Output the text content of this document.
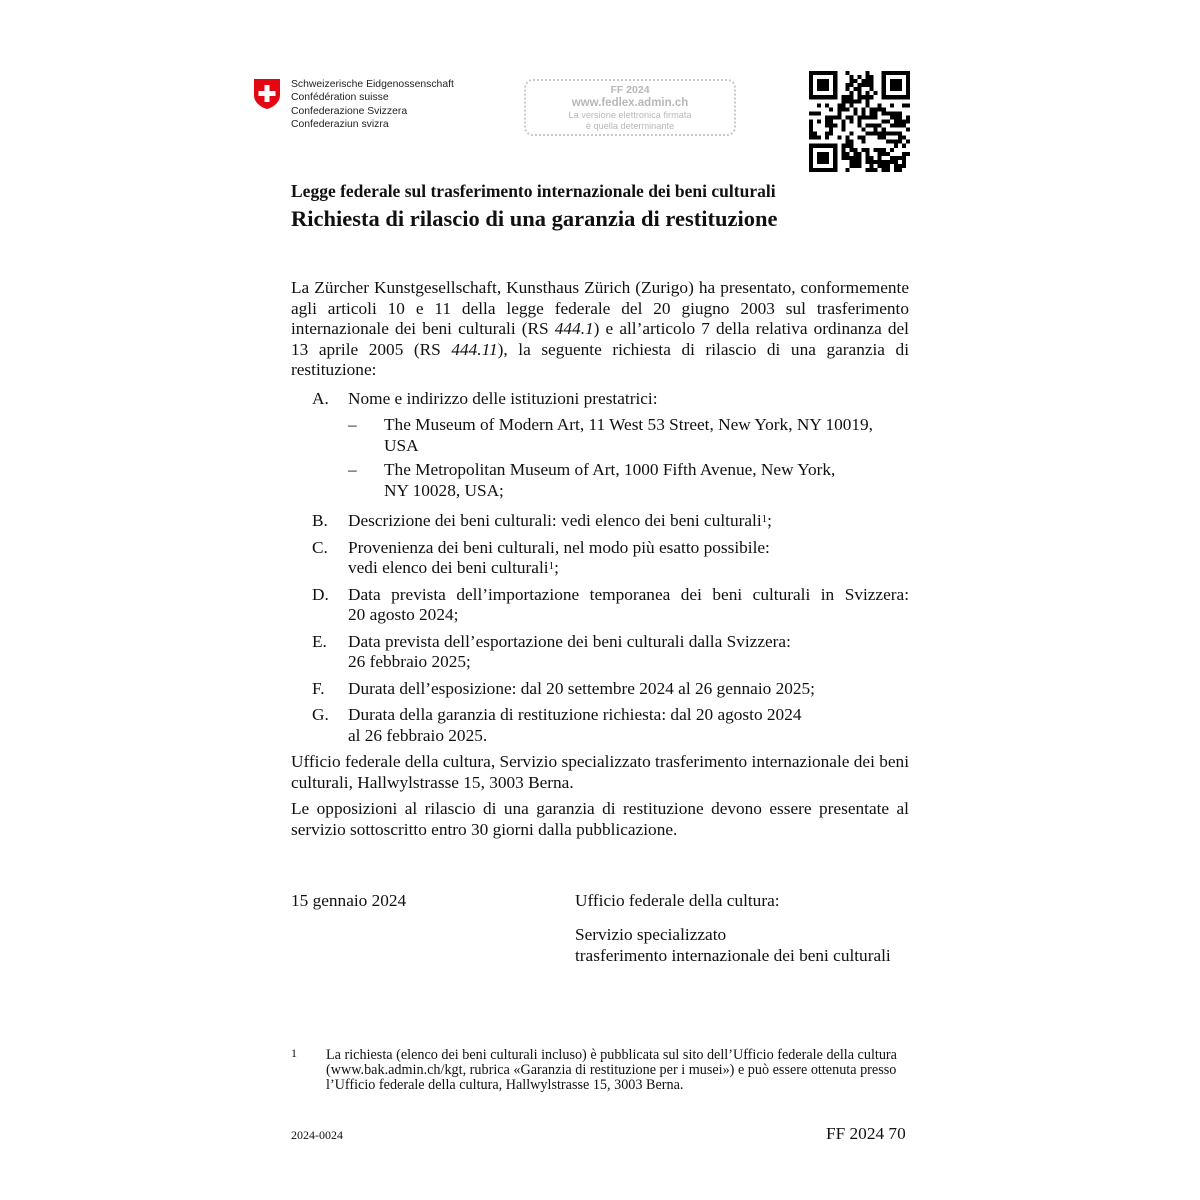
Schweizerische Eidgenossenschaft
Confédération suisse
Confederazione Svizzera
Confederaziun svizra
FF 2024
www.fedlex.admin.ch
La versione elettronica firmata
è quella determinante
Legge federale sul trasferimento internazionale dei beni culturali
Richiesta di rilascio di una garanzia di restituzione

La Zürcher Kunstgesellschaft, Kunsthaus Zürich (Zurigo) ha presentato, conformemente agli articoli 10 e 11 della legge federale del 20 giugno 2003 sul trasferimento internazionale dei beni culturali (RS 444.1) e all’articolo 7 della relativa ordinanza del 13 aprile 2005 (RS 444.11), la seguente richiesta di rilascio di una garanzia di restituzione:

A. Nome e indirizzo delle istituzioni prestatrici:
– The Museum of Modern Art, 11 West 53 Street, New York, NY 10019, USA
– The Metropolitan Museum of Art, 1000 Fifth Avenue, New York,
NY 10028, USA;
B. Descrizione dei beni culturali: vedi elenco dei beni culturali$^1$;
C. Provenienza dei beni culturali, nel modo più esatto possibile:
vedi elenco dei beni culturali$^1$;
D. Data prevista dell’importazione temporanea dei beni culturali in Svizzera:
20 agosto 2024;
E. Data prevista dell’esportazione dei beni culturali dalla Svizzera:
26 febbraio 2025;
F. Durata dell’esposizione: dal 20 settembre 2024 al 26 gennaio 2025;
G. Durata della garanzia di restituzione richiesta: dal 20 agosto 2024
al 26 febbraio 2025.

Ufficio federale della cultura, Servizio specializzato trasferimento internazionale dei beni culturali, Hallwylstrasse 15, 3003 Berna.

Le opposizioni al rilascio di una garanzia di restituzione devono essere presentate al servizio sottoscritto entro 30 giorni dalla pubblicazione.

15 gennaio 2024	Ufficio federale della cultura:
Servizio specializzato
trasferimento internazionale dei beni culturali
1 La richiesta (elenco dei beni culturali incluso) è pubblicata sul sito dell’Ufficio federale della cultura (www.bak.admin.ch/kgt, rubrica «Garanzia di restituzione per i musei») e può essere ottenuta presso l’Ufficio federale della cultura, Hallwylstrasse 15, 3003 Berna.
2024-0024	FF 2024 70
